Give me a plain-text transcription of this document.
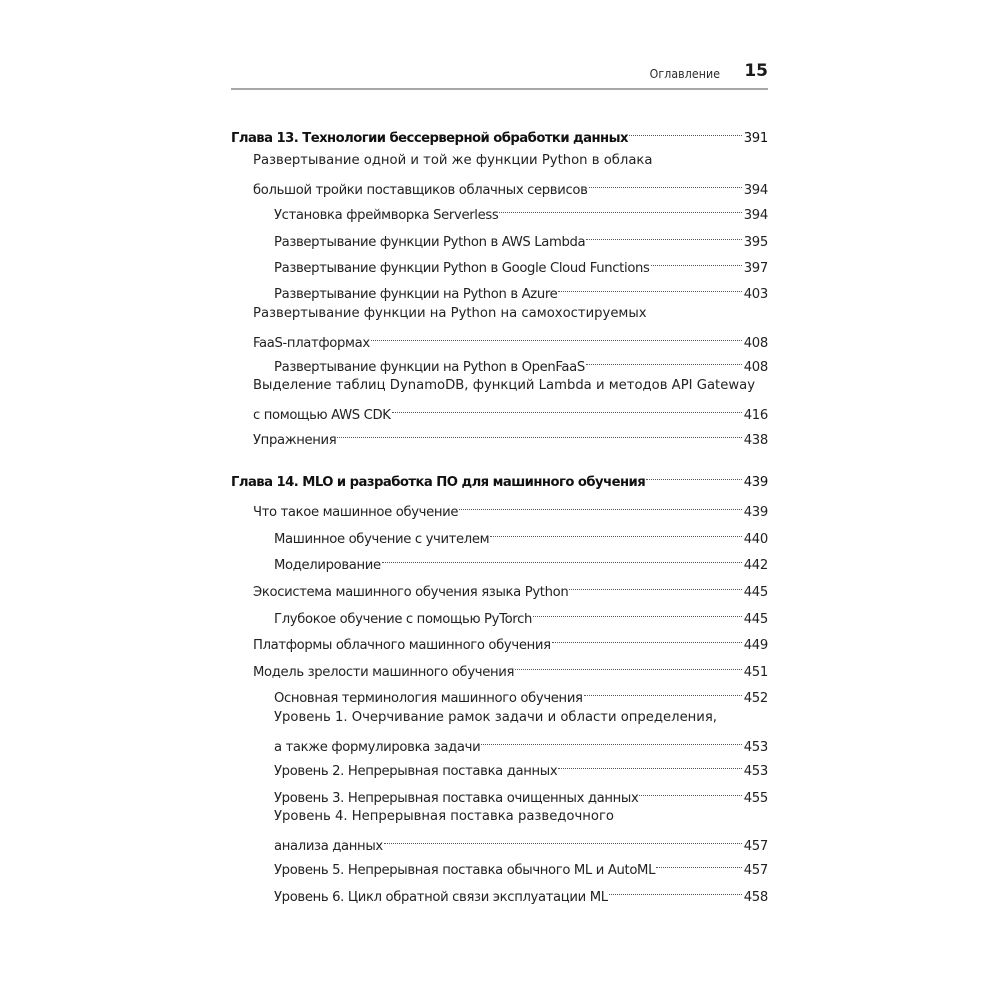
Оглавление 15
Глава 13. Технологии бессерверной обработки данных	391
Развертывание одной и той же функции Python в облака
большой тройки поставщиков облачных сервисов	394
Установка фреймворка Serverless	394
Развертывание функции Python в AWS Lambda	395
Развертывание функции Python в Google Cloud Functions	397
Развертывание функции на Python в Azure	403
Развертывание функции на Python на самохостируемых
FaaS-платформах	408
Развертывание функции на Python в OpenFaaS	408
Выделение таблиц DynamoDB, функций Lambda и методов API Gateway
с помощью AWS CDK	416
Упражнения	438
Глава 14. MLO и разработка ПО для машинного обучения	439
Что такое машинное обучение	439
Машинное обучение с учителем	440
Моделирование	442
Экосистема машинного обучения языка Python	445
Глубокое обучение с помощью PyTorch	445
Платформы облачного машинного обучения	449
Модель зрелости машинного обучения	451
Основная терминология машинного обучения	452
Уровень 1. Очерчивание рамок задачи и области определения,
а также формулировка задачи	453
Уровень 2. Непрерывная поставка данных	453
Уровень 3. Непрерывная поставка очищенных данных	455
Уровень 4. Непрерывная поставка разведочного
анализа данных	457
Уровень 5. Непрерывная поставка обычного ML и AutoML	457
Уровень 6. Цикл обратной связи эксплуатации ML	458
